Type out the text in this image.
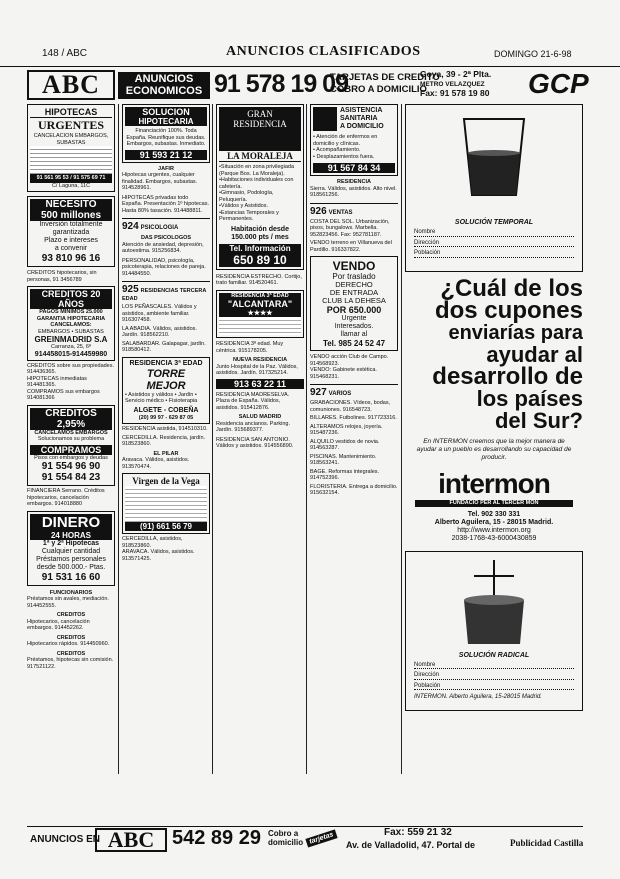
148 / ABC	ANUNCIOS CLASIFICADOS	DOMINGO 21-6-98
ABC	ANUNCIOS
ECONOMICOS 91 578 19 09
TARJETAS DE CREDITO
COBRO A DOMICILIO
Goya, 39 - 2ª Plta.
METRO VELAZQUEZ
Fax: 91 578 19 80 GCP
HIPOTECAS
URGENTES
CANCELACION EMBARGOS, SUBASTAS
91 561 95 53 / 91 575 69 71
C/ Laguna, 11C
NECESITO
500 millones
Inversión totalmente garantizada
Plazo e intereses
a convenir
93 810 96 16
CREDITOS hipotecarios, sin personas, 91 3456789
CREDITOS 20 AÑOS
PAGOS MINIMOS 25.000
GARANTIA HIPOTECARIA
CANCELAMOS:
EMBARGOS • SUBASTAS
GREINMADRID S.A
Carranza, 25, 6ª
914458015-914459980
CREDITOS sobre sus propiedades. 914436365.
HIPOTECAS inmediatas 914481365.
COMPRAMOS sus embargos 914081366
CREDITOS 2,95%
CANCELAMOS EMBARGOS
Solucionamos su problema
COMPRAMOS
Pisos con embargos y deudas
91 554 96 90
91 554 84 23
FINANCIERA Serrano. Créditos hipotecarios, cancelación embargos. 914018880
DINERO
24 HORAS
1ª y 2ª Hipotecas
Cualquier cantidad
Préstamos personales
desde 500.000.- Ptas.
91 531 16 60
FUNCIONARIOS
Préstamos sin avales, mediación. 914452555.
CREDITOS
Hipotecarios, cancelación embargos. 914452262.
CREDITOS
Hipotecarios rápidos. 914450960.
CREDITOS
Préstamos, hipotecas sin comisión. 917521122.
SOLUCION
HIPOTECARIA
Financiación 100%. Toda España. Reunifique sus deudas. Embargos, subastas. Inmediato.
91 593 21 12
JAFIR
Hipotecas urgentes, cualquier finalidad. Embargos, subastas. 914528961.
HIPOTECAS privadas todo España. Presentación 1º hipotecas. Hasta 80% tasación. 914488811.
924 PSICOLOGIA
DAS PSICOLOGOS
Atención de ansiedad, depresión, autoestima. 915256834.
PERSONALIDAD, psicología, psicoterapia, relaciones de pareja. 914484550.
925 RESIDENCIAS TERCERA EDAD
LOS PEÑASCALES. Válidos y asistidos, ambiente familiar. 916307458.
LA ABADIA. Válidos, asistidos. Jardín. 918562210.
SALABARDAR. Galapagar, jardín. 918580412.
RESIDENCIA 3ª EDAD
TORRE
MEJOR
• Asistidos y válidos • Jardín • Servicio médico • Fisioterapia
ALGETE - COBEÑA
(20) 99 97 - 629 87 05
RESIDENCIA asistida, 914510310.
CERCEDILLA. Residencia, jardín. 918523860.
EL PILAR
Aravaca. Válidos, asistidos. 913570474.
Virgen de la Vega
(91) 661 56 79
CERCEDILLA, asistidos, 918523860.
ARAVACA. Válidos, asistidos. 913571425.
GRAN
RESIDENCIA
LA MORALEJA
•Situación en zona privilegiada (Parque Bos. La Moraleja).
•Habitaciones individuales con cafetería.
•Gimnasio, Podología, Peluquería.
•Válidos y Asistidos.
•Estancias Temporales y Permanentes.
Habitación desde
150.000 pts / mes
Tel. Información
650 89 10
RESIDENCIA ESTRECHO. Cortijo, trato familiar. 914520461.
RESIDENCIA 3ª EDAD
"ALCANTARA"
★★★★
RESIDENCIA 3ª edad. Muy céntrica. 915178205.
NUEVA RESIDENCIA
Junto Hospital de la Paz. Válidos, asistidos. Jardín. 917325214.
913 63 22 11
RESIDENCIA MADRESELVA. Plaza de España. Válidos, asistidos. 915412876.
SALUD MADRID
Residencia ancianos. Parking. Jardín. 915689377.
RESIDENCIA SAN ANTONIO. Válidos y asistidos. 914556890.
ASISTENCIA
SANITARIA
A DOMICILIO
• Atención de enfermos en domicilio y clínicas.
• Acompañamiento.
• Desplazamientos fuera.
91 567 84 34
RESIDENCIA
Sierra. Válidos, asistidos. Alto nivel. 918561256.
926 VENTAS
COSTA DEL SOL. Urbanización, pisos, bungalows. Marbella. 952823456. Fax: 952781187.
VENDO terreno en Villanueva del Pardillo. 916337822.
VENDO
Por traslado
DERECHO
DE ENTRADA
CLUB LA DEHESA
POR 650.000
Urgente
Interesados.
llamar al
Tel. 985 24 52 47
VENDO acción Club de Campo. 914568923.
VENDO: Gabinete estética. 915468231.
927 VARIOS
GRABACIONES. Vídeos, bodas, comuniones. 916548723.
BILLARES. Futbolines. 917723316.
ALTERAMOS relojes, joyería. 915487236.
ALQUILO vestidos de novia. 914563287.
PISCINAS. Mantenimiento. 918563241.
BAGE. Reformas integrales. 914752396.
FLORISTERIA. Entrega a domicilio. 915632154.
SOLUCIÓN TEMPORAL
Nombre
Dirección
Población
¿Cuál de los
dos cupones
enviarías para
ayudar al
desarrollo de
los países
del Sur?
En INTERMON creemos que la mejor manera de ayudar a un pueblo es desarrollando su capacidad de producir.
intermon
FUNDACIÓ PER AL TERCER MÓN
Tel. 902 330 331
Alberto Aguilera, 15 - 28015 Madrid.
http://www.intermon.org
2038-1768-43-6000430859
SOLUCIÓN RADICAL
Nombre
Dirección
Población
INTERMON. Alberto Aguilera, 15-28015 Madrid.
ANUNCIOS EN ABC 542 89 29 Cobro a
domicilio tarjetas	Fax: 559 21 32
Av. de Valladolid, 47. Portal de	Publicidad Castilla
